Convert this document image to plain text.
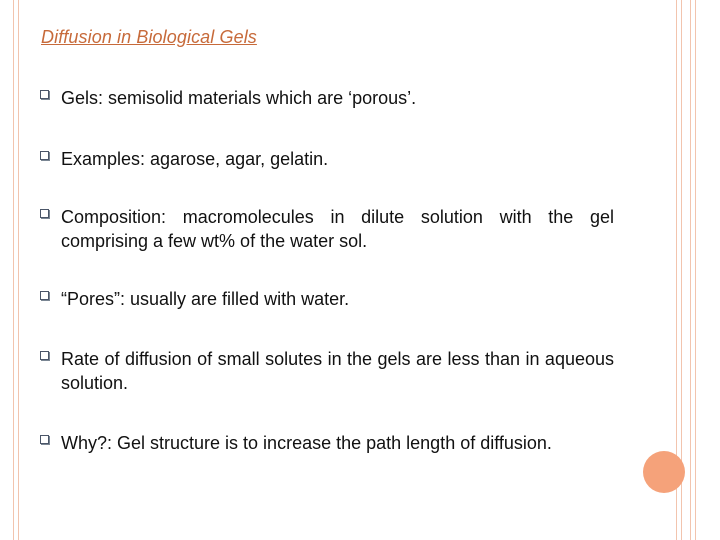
Diffusion in Biological Gels
Gels: semisolid materials which are ‘porous’.
Examples: agarose, agar, gelatin.
Composition: macromolecules in dilute solution with the gel comprising a few wt% of the water sol.
“Pores”: usually are filled with water.
Rate of diffusion of small solutes in the gels are less than in aqueous solution.
Why?: Gel structure is to increase the path length of diffusion.
